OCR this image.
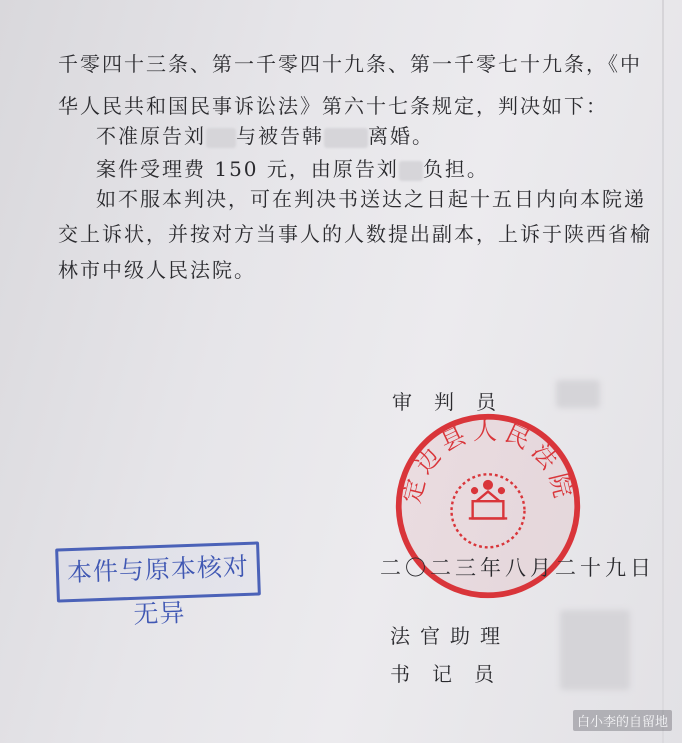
千零四十三条、第一千零四十九条、第一千零七十九条，《中
华人民共和国民事诉讼法》第六十七条规定，判决如下：
不准原告刘 与被告韩 离婚。
案件受理费 150 元，由原告刘 负担。
如不服本判决，可在判决书送达之日起十五日内向本院递
交上诉状，并按对方当事人的人数提出副本，上诉于陕西省榆
林市中级人民法院。
审判员
定边县人民法院
二〇二三年八月二十九日
本件与原本核对无异
法官助理
书记员
白小李的自留地
